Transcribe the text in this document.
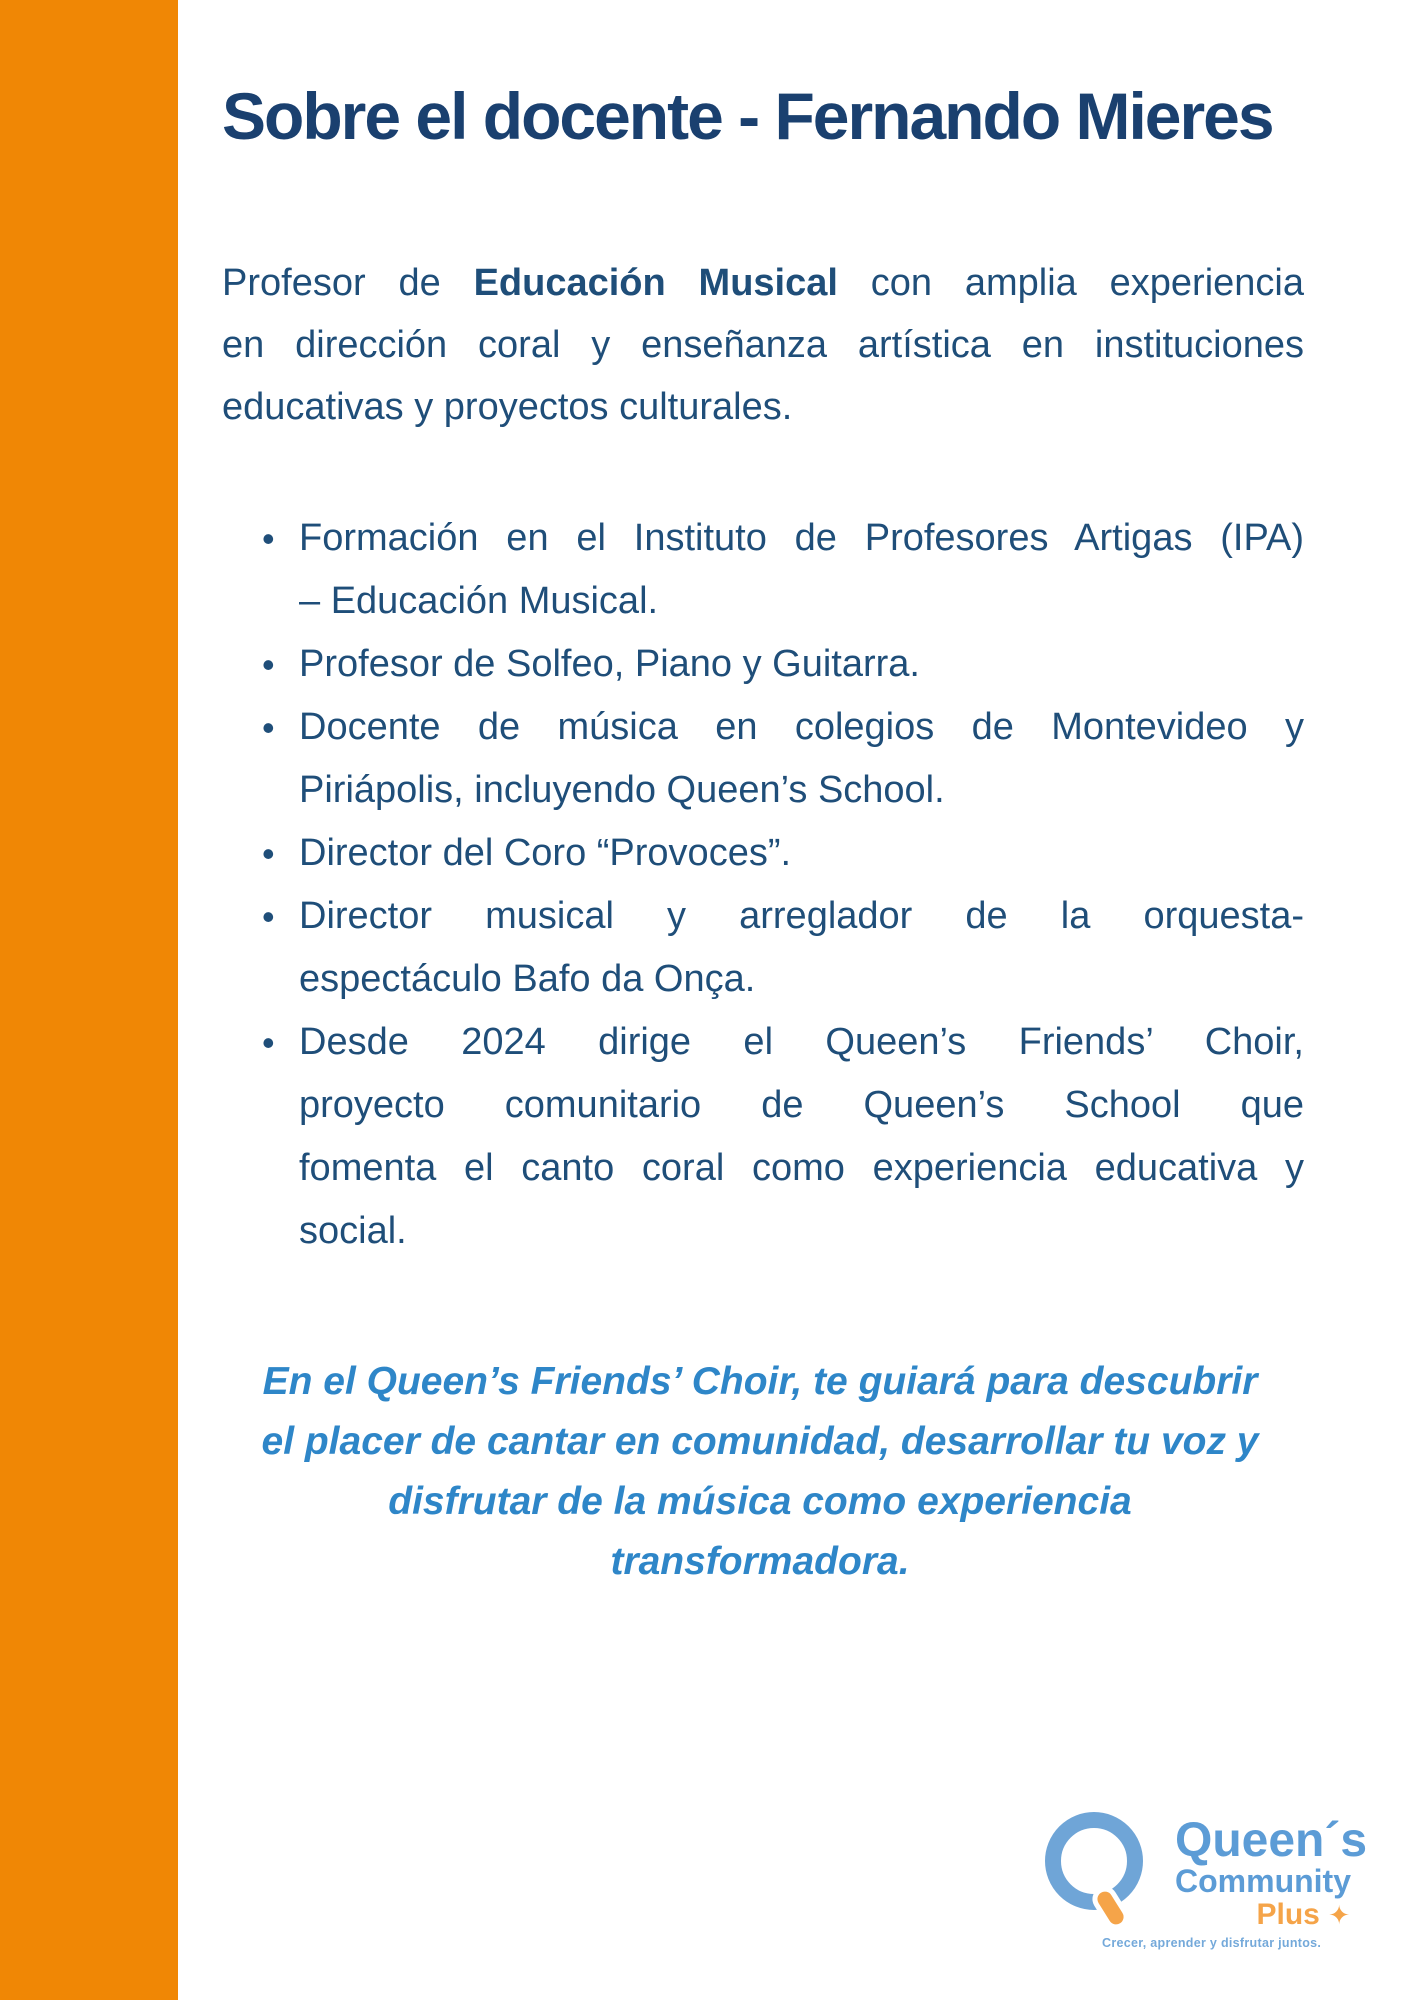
Sobre el docente - Fernando Mieres
Profesor de Educación Musical con amplia experiencia
en dirección coral y enseñanza artística en instituciones
educativas y proyectos culturales.
• Formación en el Instituto de Profesores Artigas (IPA)
– Educación Musical.
• Profesor de Solfeo, Piano y Guitarra.
• Docente de música en colegios de Montevideo y
Piriápolis, incluyendo Queen’s School.
• Director del Coro “Provoces”.
• Director musical y arreglador de la orquesta-
espectáculo Bafo da Onça.
• Desde 2024 dirige el Queen’s Friends’ Choir,
proyecto comunitario de Queen’s School que
fomenta el canto coral como experiencia educativa y
social.
En el Queen’s Friends’ Choir, te guiará para descubrir
el placer de cantar en comunidad, desarrollar tu voz y
disfrutar de la música como experiencia
transformadora.
Queen´s
Community
Plus ✦
Crecer, aprender y disfrutar juntos.
